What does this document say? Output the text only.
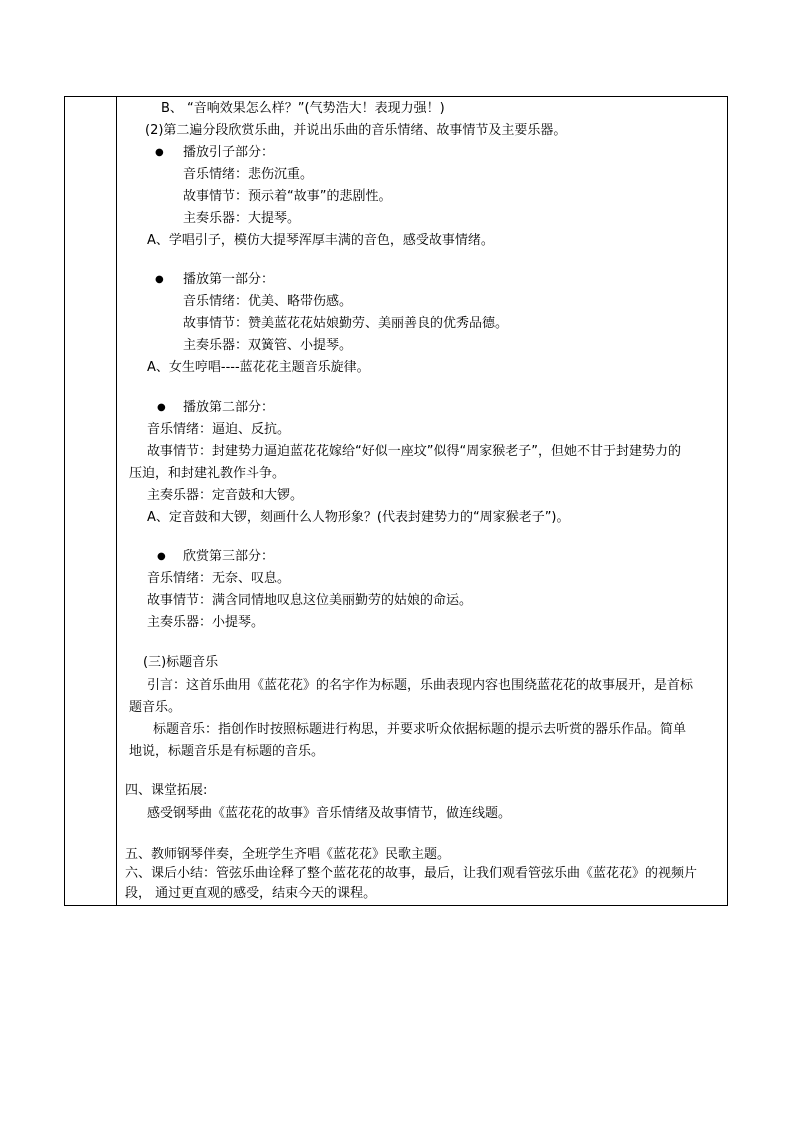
B、 “音响效果怎么样？”(气势浩大！表现力强！)
(2)第二遍分段欣赏乐曲，并说出乐曲的音乐情绪、故事情节及主要乐器。
● 播放引子部分：
音乐情绪：悲伤沉重。
故事情节：预示着“故事”的悲剧性。
主奏乐器：大提琴。
A、学唱引子，模仿大提琴浑厚丰满的音色，感受故事情绪。
● 播放第一部分：
音乐情绪：优美、略带伤感。
故事情节：赞美蓝花花姑娘勤劳、美丽善良的优秀品德。
主奏乐器：双簧管、小提琴。
A、女生哼唱----蓝花花主题音乐旋律。
● 播放第二部分：
音乐情绪：逼迫、反抗。
故事情节：封建势力逼迫蓝花花嫁给“好似一座坟”似得“周家猴老子”，但她不甘于封建势力的
压迫，和封建礼教作斗争。
主奏乐器：定音鼓和大锣。
A、定音鼓和大锣，刻画什么人物形象？(代表封建势力的“周家猴老子”)。
● 欣赏第三部分：
音乐情绪：无奈、叹息。
故事情节：满含同情地叹息这位美丽勤劳的姑娘的命运。
主奏乐器：小提琴。
(三)标题音乐
引言：这首乐曲用《蓝花花》的名字作为标题，乐曲表现内容也围绕蓝花花的故事展开，是首标
题音乐。
标题音乐：指创作时按照标题进行构思，并要求听众依据标题的提示去听赏的器乐作品。简单
地说，标题音乐是有标题的音乐。
四、课堂拓展:
感受钢琴曲《蓝花花的故事》音乐情绪及故事情节，做连线题。
五、教师钢琴伴奏，全班学生齐唱《蓝花花》民歌主题。
六、课后小结：管弦乐曲诠释了整个蓝花花的故事，最后，让我们观看管弦乐曲《蓝花花》的视频片
段， 通过更直观的感受，结束今天的课程。
